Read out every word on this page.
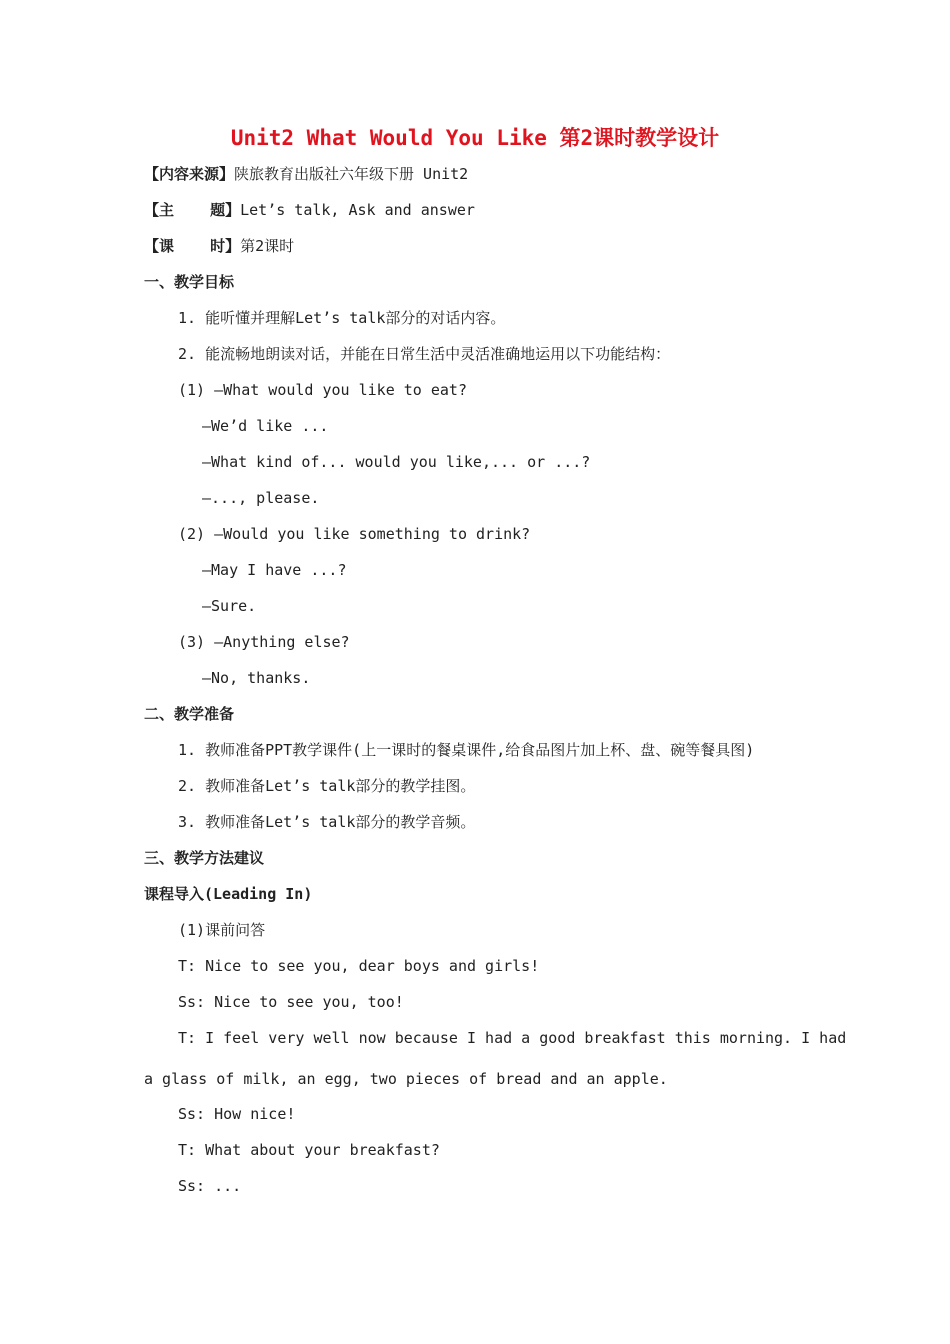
Unit2 What Would You Like 第2课时教学设计
【内容来源】陕旅教育出版社六年级下册 Unit2
【主    题】Let’s talk, Ask and answer
【课    时】第2课时
一、教学目标
1. 能听懂并理解Let’s talk部分的对话内容。
2. 能流畅地朗读对话，并能在日常生活中灵活准确地运用以下功能结构：
(1) —What would you like to eat?
—We’d like ...
—What kind of... would you like,... or ...?
—..., please.
(2) —Would you like something to drink?
—May I have ...?
—Sure.
(3) —Anything else?
—No, thanks.
二、教学准备
1. 教师准备PPT教学课件(上一课时的餐桌课件,给食品图片加上杯、盘、碗等餐具图)
2. 教师准备Let’s talk部分的教学挂图。
3. 教师准备Let’s talk部分的教学音频。
三、教学方法建议
课程导入(Leading In)
(1)课前问答
T: Nice to see you, dear boys and girls!
Ss: Nice to see you, too!
T: I feel very well now because I had a good breakfast this morning. I had
a glass of milk, an egg, two pieces of bread and an apple.
Ss: How nice!
T: What about your breakfast?
Ss: ...
